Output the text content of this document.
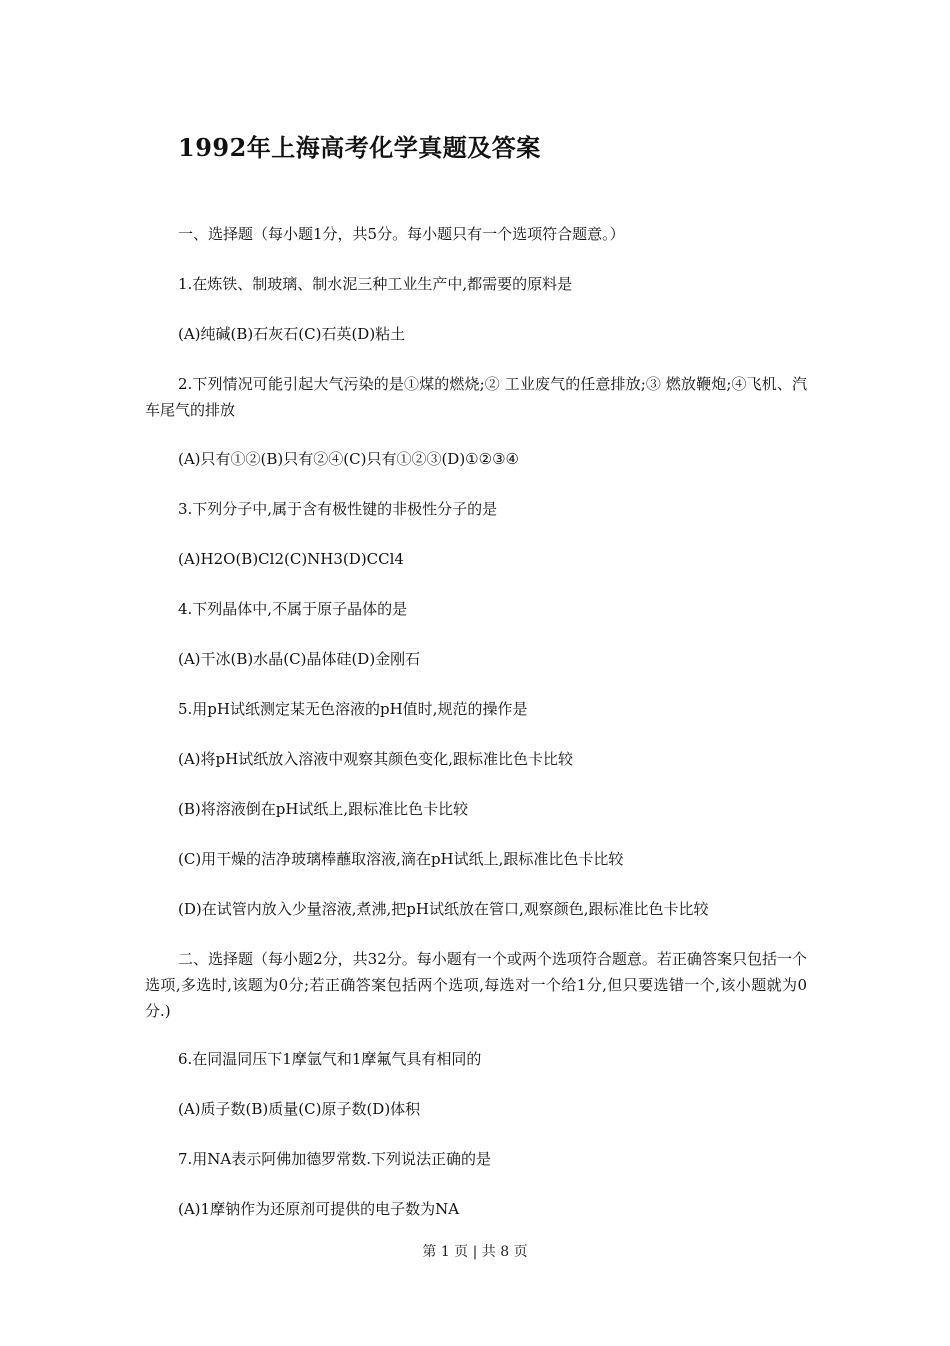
1992年上海高考化学真题及答案
一、选择题（每小题1分，共5分。每小题只有一个选项符合题意。）
1.在炼铁、制玻璃、制水泥三种工业生产中,都需要的原料是
(A)纯碱(B)石灰石(C)石英(D)粘土
2.下列情况可能引起大气污染的是①煤的燃烧;② 工业废气的任意排放;③ 燃放鞭炮;④飞机、汽车尾气的排放
(A)只有①②(B)只有②④(C)只有①②③(D)①②③④
3.下列分子中,属于含有极性键的非极性分子的是
(A)H2O(B)Cl2(C)NH3(D)CCl4
4.下列晶体中,不属于原子晶体的是
(A)干冰(B)水晶(C)晶体硅(D)金刚石
5.用pH试纸测定某无色溶液的pH值时,规范的操作是
(A)将pH试纸放入溶液中观察其颜色变化,跟标准比色卡比较
(B)将溶液倒在pH试纸上,跟标准比色卡比较
(C)用干燥的洁净玻璃棒蘸取溶液,滴在pH试纸上,跟标准比色卡比较
(D)在试管内放入少量溶液,煮沸,把pH试纸放在管口,观察颜色,跟标准比色卡比较
二、选择题（每小题2分，共32分。每小题有一个或两个选项符合题意。若正确答案只包括一个选项,多选时,该题为0分;若正确答案包括两个选项,每选对一个给1分,但只要选错一个,该小题就为0分.)
6.在同温同压下1摩氩气和1摩氟气具有相同的
(A)质子数(B)质量(C)原子数(D)体积
7.用NA表示阿佛加德罗常数.下列说法正确的是
(A)1摩钠作为还原剂可提供的电子数为NA
第 1 页 | 共 8 页
